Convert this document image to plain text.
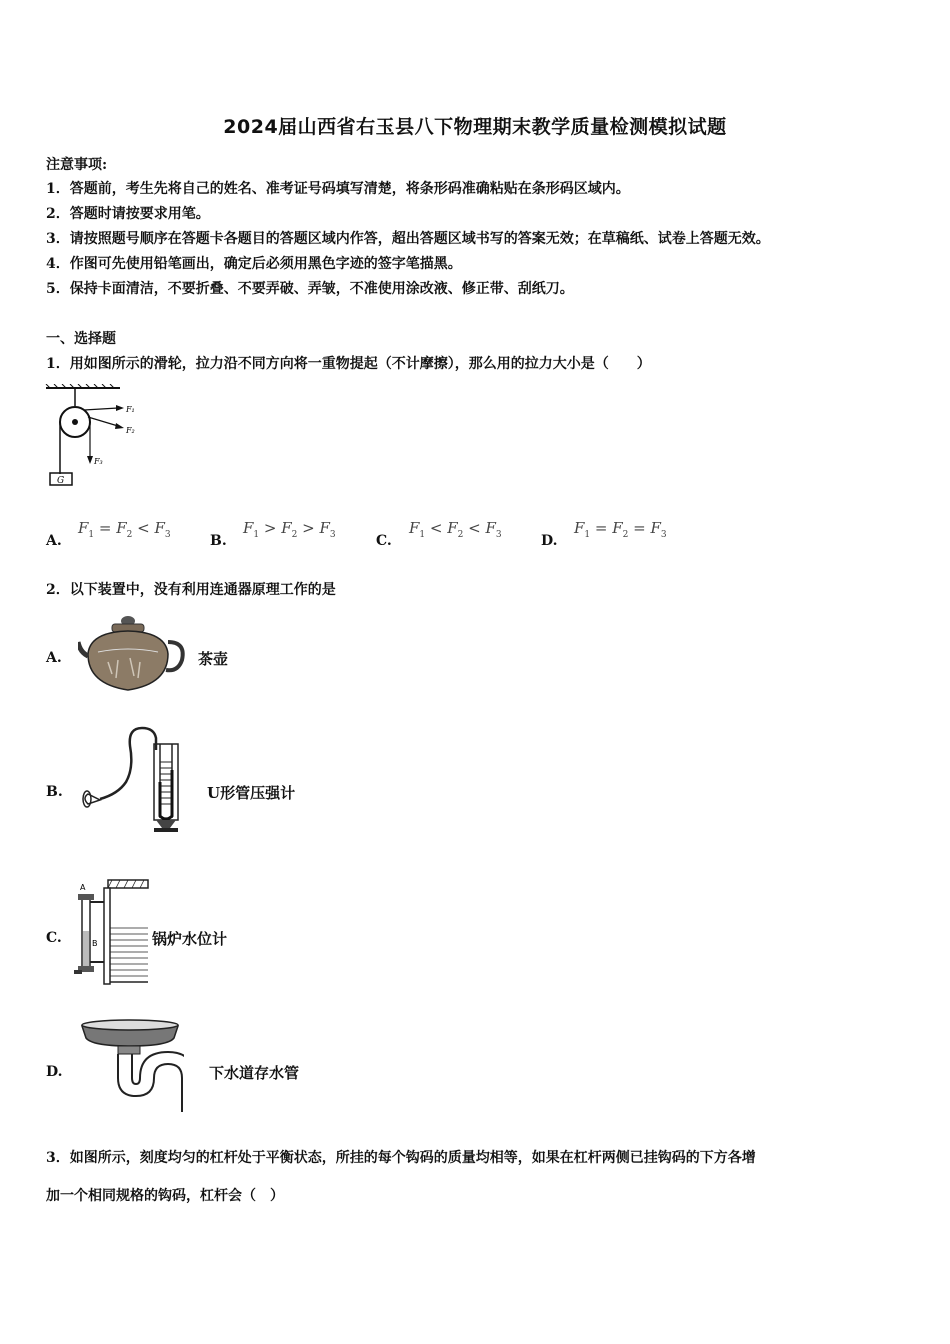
2024届山西省右玉县八下物理期末教学质量检测模拟试题
注意事项:
1．答题前，考生先将自己的姓名、准考证号码填写清楚，将条形码准确粘贴在条形码区域内。
2．答题时请按要求用笔。
3．请按照题号顺序在答题卡各题目的答题区域内作答，超出答题区域书写的答案无效；在草稿纸、试卷上答题无效。
4．作图可先使用铅笔画出，确定后必须用黑色字迹的签字笔描黑。
5．保持卡面清洁，不要折叠、不要弄破、弄皱，不准使用涂改液、修正带、刮纸刀。
一、选择题
1．用如图所示的滑轮，拉力沿不同方向将一重物提起（不计摩擦），那么用的拉力大小是（　　）
G
F₁
F₂
F₃
A.
$F_1 = F_2 < F_3$	B.
$F_1 > F_2 > F_3$	C.
$F_1 < F_2 < F_3$	D.
$F_1 = F_2 = F_3$
2．以下装置中，没有利用连通器原理工作的是
A.	茶壶
B.	U形管压强计
C.
A
B	锅炉水位计
D.	下水道存水管
3．如图所示，刻度均匀的杠杆处于平衡状态，所挂的每个钩码的质量均相等，如果在杠杆两侧已挂钩码的下方各增
加一个相同规格的钩码，杠杆会（　）
